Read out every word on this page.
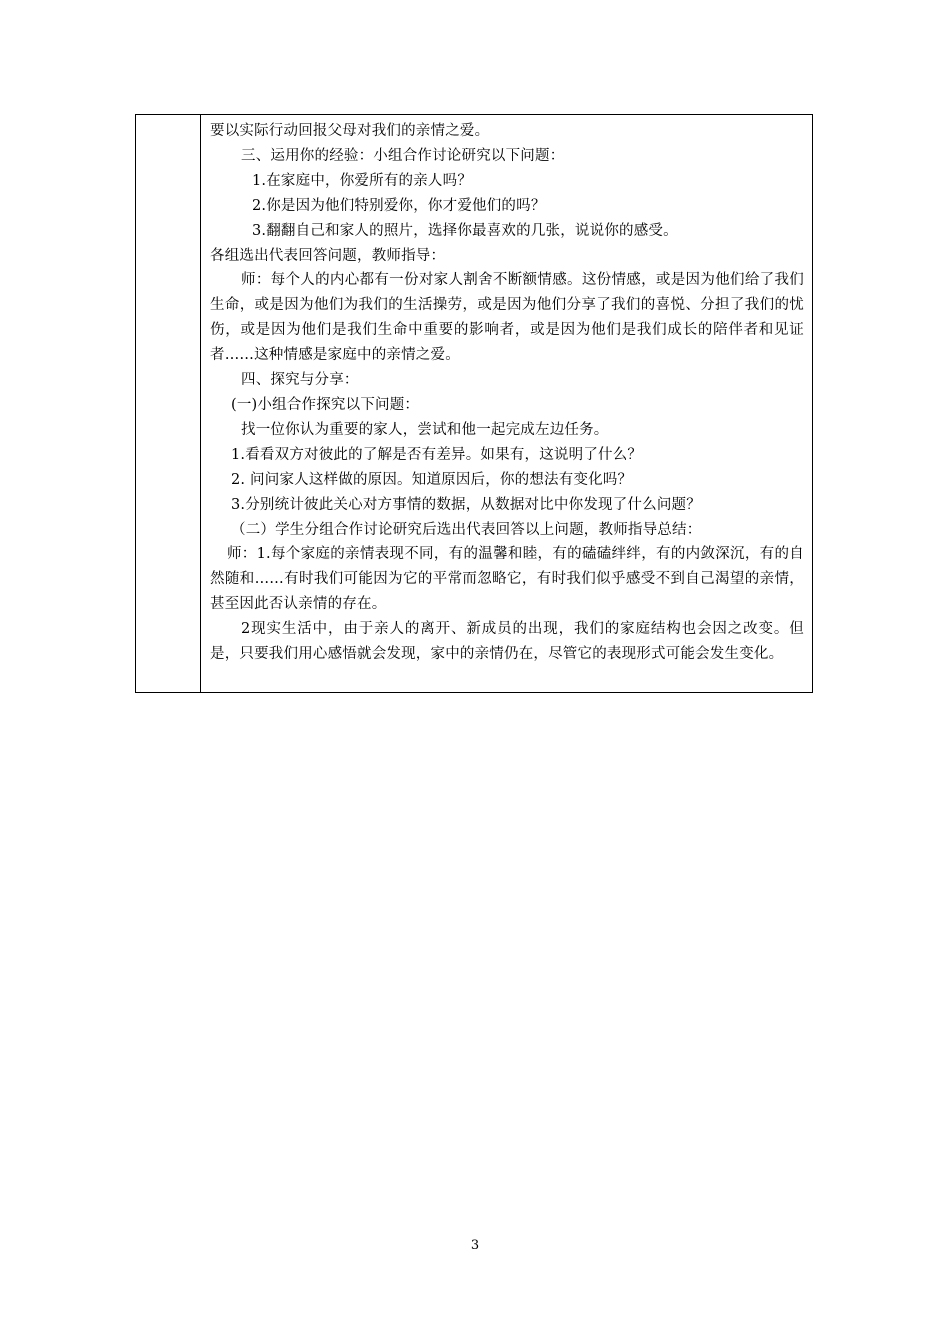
要以实际行动回报父母对我们的亲情之爱。

三、运用你的经验：小组合作讨论研究以下问题：

1.在家庭中，你爱所有的亲人吗？

2.你是因为他们特别爱你，你才爱他们的吗？

3.翻翻自己和家人的照片，选择你最喜欢的几张，说说你的感受。

各组选出代表回答问题，教师指导：

师：每个人的内心都有一份对家人割舍不断额情感。这份情感，或是因为他们给了我们生命，或是因为他们为我们的生活操劳，或是因为他们分享了我们的喜悦、分担了我们的忧伤，或是因为他们是我们生命中重要的影响者，或是因为他们是我们成长的陪伴者和见证者……这种情感是家庭中的亲情之爱。

四、探究与分享：

(一)小组合作探究以下问题：

找一位你认为重要的家人，尝试和他一起完成左边任务。

1.看看双方对彼此的了解是否有差异。如果有，这说明了什么？

2. 问问家人这样做的原因。知道原因后，你的想法有变化吗？

3.分别统计彼此关心对方事情的数据，从数据对比中你发现了什么问题？

（二）学生分组合作讨论研究后选出代表回答以上问题，教师指导总结：

师：1.每个家庭的亲情表现不同，有的温馨和睦，有的磕磕绊绊，有的内敛深沉，有的自然随和……有时我们可能因为它的平常而忽略它，有时我们似乎感受不到自己渴望的亲情，甚至因此否认亲情的存在。

2现实生活中，由于亲人的离开、新成员的出现，我们的家庭结构也会因之改变。但是，只要我们用心感悟就会发现，家中的亲情仍在，尽管它的表现形式可能会发生变化。

3
